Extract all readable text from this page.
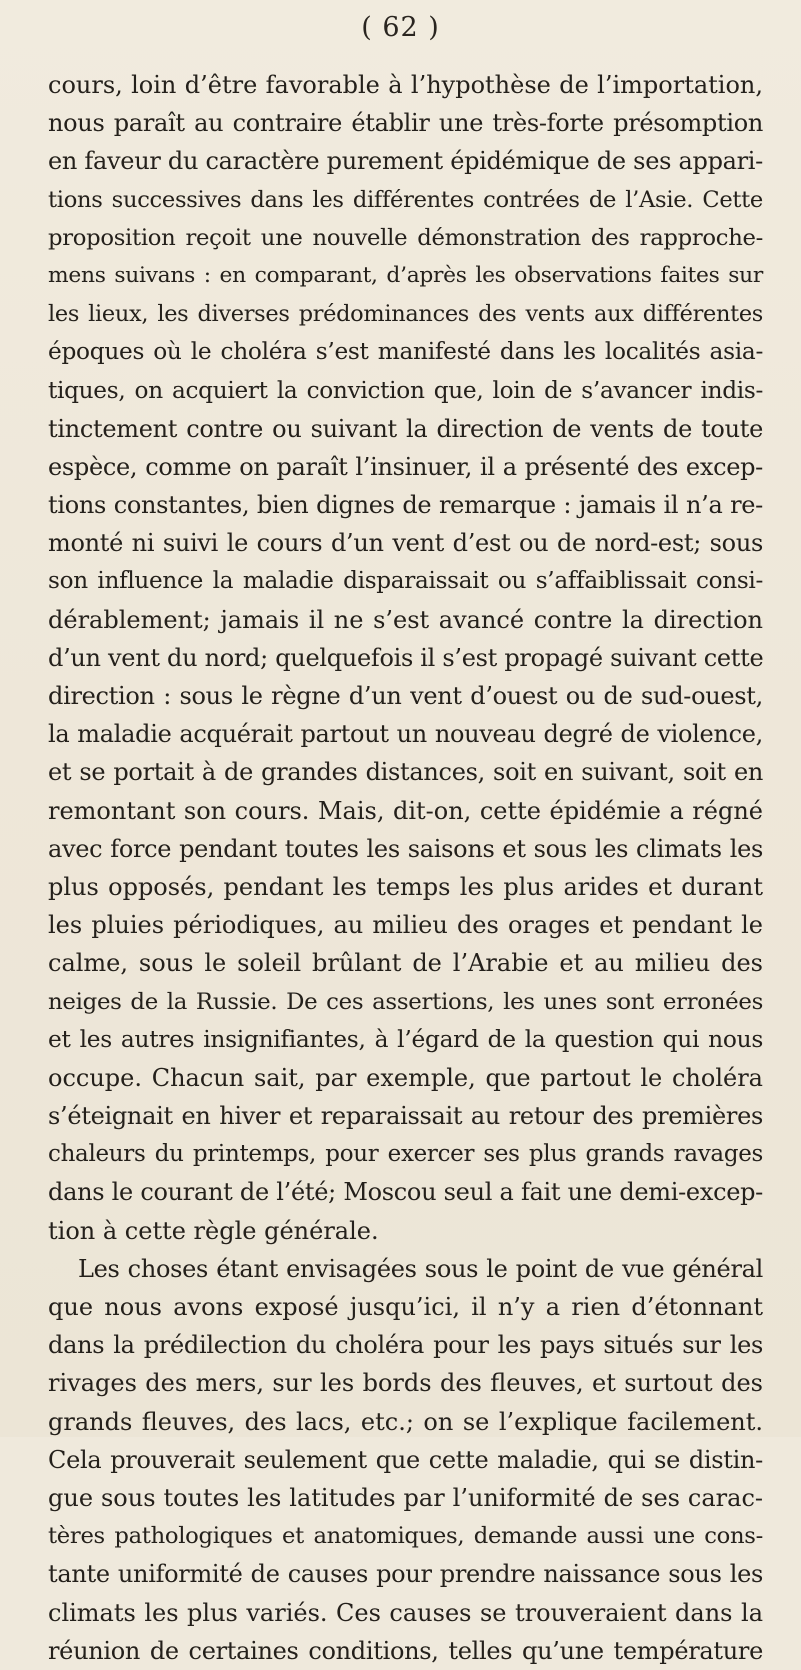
( 62 )
cours, loin d’être favorable à l’hypothèse de l’importation,
nous paraît au contraire établir une très-forte présomption
en faveur du caractère purement épidémique de ses appari-
tions successives dans les différentes contrées de l’Asie. Cette
proposition reçoit une nouvelle démonstration des rapproche-
mens suivans : en comparant, d’après les observations faites sur
les lieux, les diverses prédominances des vents aux différentes
époques où le choléra s’est manifesté dans les localités asia-
tiques, on acquiert la conviction que, loin de s’avancer indis-
tinctement contre ou suivant la direction de vents de toute
espèce, comme on paraît l’insinuer, il a présenté des excep-
tions constantes, bien dignes de remarque : jamais il n’a re-
monté ni suivi le cours d’un vent d’est ou de nord-est; sous
son influence la maladie disparaissait ou s’affaiblissait consi-
dérablement; jamais il ne s’est avancé contre la direction
d’un vent du nord; quelquefois il s’est propagé suivant cette
direction : sous le règne d’un vent d’ouest ou de sud-ouest,
la maladie acquérait partout un nouveau degré de violence,
et se portait à de grandes distances, soit en suivant, soit en
remontant son cours. Mais, dit-on, cette épidémie a régné
avec force pendant toutes les saisons et sous les climats les
plus opposés, pendant les temps les plus arides et durant
les pluies périodiques, au milieu des orages et pendant le
calme, sous le soleil brûlant de l’Arabie et au milieu des
neiges de la Russie. De ces assertions, les unes sont erronées
et les autres insignifiantes, à l’égard de la question qui nous
occupe. Chacun sait, par exemple, que partout le choléra
s’éteignait en hiver et reparaissait au retour des premières
chaleurs du printemps, pour exercer ses plus grands ravages
dans le courant de l’été; Moscou seul a fait une demi-excep-
tion à cette règle générale.
Les choses étant envisagées sous le point de vue général
que nous avons exposé jusqu’ici, il n’y a rien d’étonnant
dans la prédilection du choléra pour les pays situés sur les
rivages des mers, sur les bords des fleuves, et surtout des
grands fleuves, des lacs, etc.; on se l’explique facilement.
Cela prouverait seulement que cette maladie, qui se distin-
gue sous toutes les latitudes par l’uniformité de ses carac-
tères pathologiques et anatomiques, demande aussi une cons-
tante uniformité de causes pour prendre naissance sous les
climats les plus variés. Ces causes se trouveraient dans la
réunion de certaines conditions, telles qu’une température
